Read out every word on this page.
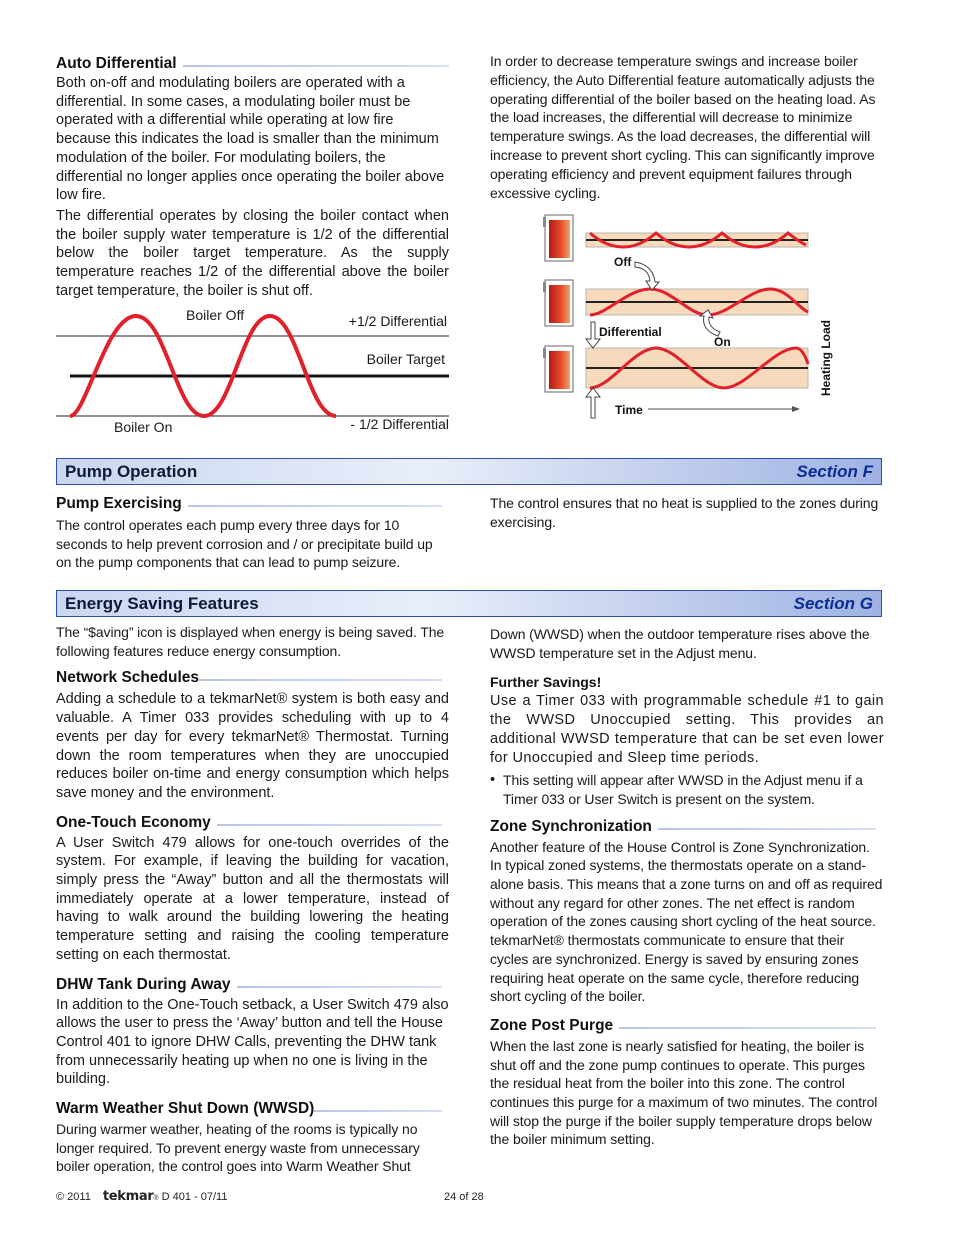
Auto Differential

Both on-off and modulating boilers are operated with a differential. In some cases, a modulating boiler must be operated with a differential while operating at low fire because this indicates the load is smaller than the minimum modulation of the boiler. For modulating boilers, the differential no longer applies once operating the boiler above low fire.

The differential operates by closing the boiler contact when the boiler supply water temperature is 1/2 of the differential below the boiler target temperature. As the supply temperature reaches 1/2 of the differential above the boiler target temperature, the boiler is shut off.

In order to decrease temperature swings and increase boiler efficiency, the Auto Differential feature automatically adjusts the operating differential of the boiler based on the heating load. As the load increases, the differential will decrease to minimize temperature swings. As the load decreases, the differential will increase to prevent short cycling. This can significantly improve operating efficiency and prevent equipment failures through excessive cycling.

Boiler Off	+1/2 Differential
Boiler Target
Boiler On	- 1/2 Differential
Off
Differential
On
Time
Heating Load
Pump Operation	Section F
Pump Exercising

The control operates each pump every three days for 10 seconds to help prevent corrosion and / or precipitate build up on the pump components that can lead to pump seizure.

The control ensures that no heat is supplied to the zones during exercising.

Energy Saving Features	Section G

The “$aving” icon is displayed when energy is being saved. The following features reduce energy consumption.

Network Schedules

Adding a schedule to a tekmarNet® system is both easy and valuable. A Timer 033 provides scheduling with up to 4 events per day for every tekmarNet® Thermostat. Turning down the room temperatures when they are unoccupied reduces boiler on-time and energy consumption which helps save money and the environment.

One-Touch Economy

A User Switch 479 allows for one-touch overrides of the system. For example, if leaving the building for vacation, simply press the “Away” button and all the thermostats will immediately operate at a lower temperature, instead of having to walk around the building lowering the heating temperature setting and raising the cooling temperature setting on each thermostat.

DHW Tank During Away

In addition to the One-Touch setback, a User Switch 479 also allows the user to press the ‘Away’ button and tell the House Control 401 to ignore DHW Calls, preventing the DHW tank from unnecessarily heating up when no one is living in the building.

Warm Weather Shut Down (WWSD)

During warmer weather, heating of the rooms is typically no longer required. To prevent energy waste from unnecessary boiler operation, the control goes into Warm Weather Shut

Down (WWSD) when the outdoor temperature rises above the WWSD temperature set in the Adjust menu.

Further Savings!

Use a Timer 033 with programmable schedule #1 to gain the WWSD Unoccupied setting. This provides an additional WWSD temperature that can be set even lower for Unoccupied and Sleep time periods.

• This setting will appear after WWSD in the Adjust menu if a Timer 033 or User Switch is present on the system.

Zone Synchronization

Another feature of the House Control is Zone Synchronization. In typical zoned systems, the thermostats operate on a stand-alone basis. This means that a zone turns on and off as required without any regard for other zones. The net effect is random operation of the zones causing short cycling of the heat source. tekmarNet® thermostats communicate to ensure that their cycles are synchronized. Energy is saved by ensuring zones requiring heat operate on the same cycle, therefore reducing short cycling of the boiler.

Zone Post Purge

When the last zone is nearly satisfied for heating, the boiler is shut off and the zone pump continues to operate. This purges the residual heat from the boiler into this zone. The control continues this purge for a maximum of two minutes. The control will stop the purge if the boiler supply temperature drops below the boiler minimum setting.

© 2011 tekmar ® D 401 - 07/11	24 of 28
